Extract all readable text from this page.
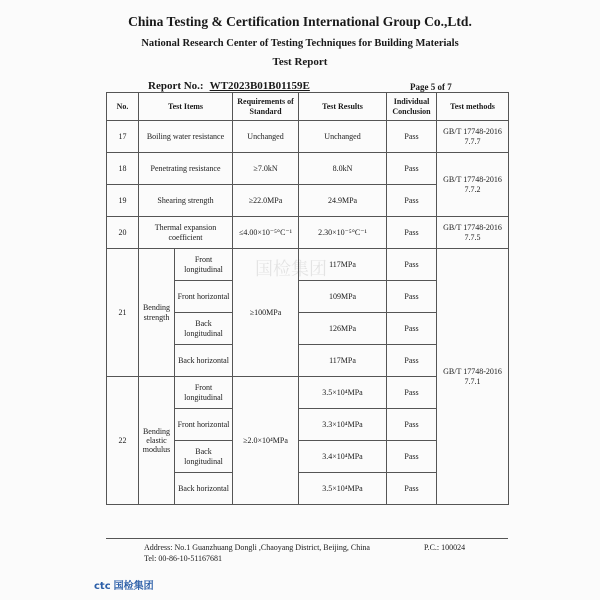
China Testing & Certification International Group Co.,Ltd.
National Research Center of Testing Techniques for Building Materials
Test Report
Report No.: WT2023B01B01159E	Page 5 of 7
国检集团
No.	Test Items		Requirements of Standard	Test Results	Individual Conclusion	Test methods
17	Boiling water resistance		Unchanged	Unchanged	Pass	GB/T 17748-2016 7.7.7
18	Penetrating resistance		≥7.0kN	8.0kN	Pass	GB/T 17748-2016 7.7.2
19	Shearing strength		≥22.0MPa	24.9MPa	Pass	
20	Thermal expansion coefficient		≤4.00×10⁻⁵°C⁻¹	2.30×10⁻⁵°C⁻¹	Pass	GB/T 17748-2016 7.7.5
21	Bending strength	Front longitudinal	≥100MPa	117MPa	Pass	GB/T 17748-2016 7.7.1
		Front horizontal		109MPa	Pass	
		Back longitudinal		126MPa	Pass	
		Back horizontal		117MPa	Pass	
22	Bending elastic modulus	Front longitudinal	≥2.0×10⁴MPa	3.5×10⁴MPa	Pass	
		Front horizontal		3.3×10⁴MPa	Pass	
		Back longitudinal		3.4×10⁴MPa	Pass	
		Back horizontal		3.5×10⁴MPa	Pass	
Address: No.1 Guanzhuang Dongli ,Chaoyang District, Beijing, China	P.C.: 100024
Tel: 00-86-10-51167681
ctc 国检集团
